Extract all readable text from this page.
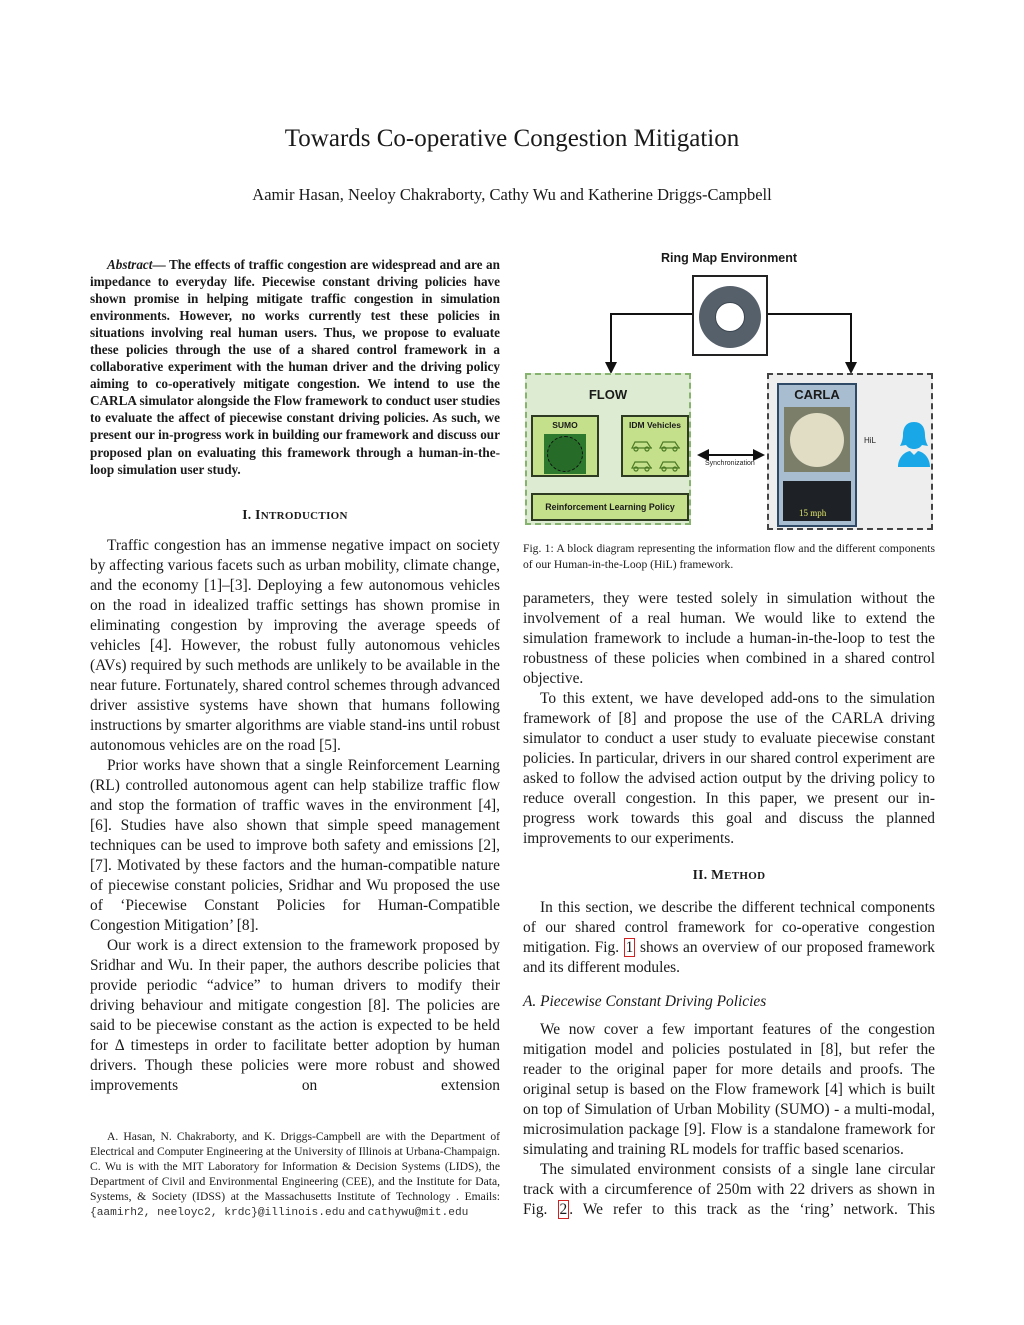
Towards Co-operative Congestion Mitigation
Aamir Hasan, Neeloy Chakraborty, Cathy Wu and Katherine Driggs-Campbell

Abstract— The effects of traffic congestion are widespread and are an impedance to everyday life. Piecewise constant driving policies have shown promise in helping mitigate traffic congestion in simulation environments. However, no works currently test these policies in situations involving real human users. Thus, we propose to evaluate these policies through the use of a shared control framework in a collaborative experiment with the human driver and the driving policy aiming to co-operatively mitigate congestion. We intend to use the CARLA simulator alongside the Flow framework to conduct user studies to evaluate the affect of piecewise constant driving policies. As such, we present our in-progress work in building our framework and discuss our proposed plan on evaluating this framework through a human-in-the-loop simulation user study.

I. INTRODUCTION

Traffic congestion has an immense negative impact on society by affecting various facets such as urban mobility, climate change, and the economy [1]–[3]. Deploying a few autonomous vehicles on the road in idealized traffic settings has shown promise in eliminating congestion by improving the average speeds of vehicles [4]. However, the robust fully autonomous vehicles (AVs) required by such methods are unlikely to be available in the near future. Fortunately, shared control schemes through advanced driver assistive systems have shown that humans following instructions by smarter algorithms are viable stand-ins until robust autonomous vehicles are on the road [5].

Prior works have shown that a single Reinforcement Learning (RL) controlled autonomous agent can help stabilize traffic flow and stop the formation of traffic waves in the environment [4], [6]. Studies have also shown that simple speed management techniques can be used to improve both safety and emissions [2], [7]. Motivated by these factors and the human-compatible nature of piecewise constant policies, Sridhar and Wu proposed the use of ‘Piecewise Constant Policies for Human-Compatible Congestion Mitigation’ [8].

Our work is a direct extension to the framework proposed by Sridhar and Wu. In their paper, the authors describe policies that provide periodic “advice” to human drivers to modify their driving behaviour and mitigate congestion [8]. The policies are said to be piecewise constant as the action is expected to be held for Δ timesteps in order to facilitate better adoption by human drivers. Though these policies were more robust and showed improvements on extension

A. Hasan, N. Chakraborty, and K. Driggs-Campbell are with the Department of Electrical and Computer Engineering at the University of Illinois at Urbana-Champaign. C. Wu is with the MIT Laboratory for Information & Decision Systems (LIDS), the Department of Civil and Environmental Engineering (CEE), and the Institute for Data, Systems, & Society (IDSS) at the Massachusetts Institute of Technology . Emails: {aamirh2, neeloyc2, krdc}@illinois.edu and cathywu@mit.edu

Ring Map Environment
FLOW
SUMO	IDM Vehicles
Reinforcement Learning Policy
Synchronization
CARLA
15 mph
HiL
Fig. 1: A block diagram representing the information flow and the different components of our Human-in-the-Loop (HiL) framework.

parameters, they were tested solely in simulation without the involvement of a real human. We would like to extend the simulation framework to include a human-in-the-loop to test the robustness of these policies when combined in a shared control objective.

To this extent, we have developed add-ons to the simulation framework of [8] and propose the use of the CARLA driving simulator to conduct a user study to evaluate piecewise constant policies. In particular, drivers in our shared control experiment are asked to follow the advised action output by the driving policy to reduce overall congestion. In this paper, we present our in-progress work towards this goal and discuss the planned improvements to our experiments.

II. METHOD

In this section, we describe the different technical components of our shared control framework for co-operative congestion mitigation. Fig. 1 shows an overview of our proposed framework and its different modules.

A. Piecewise Constant Driving Policies

We now cover a few important features of the congestion mitigation model and policies postulated in [8], but refer the reader to the original paper for more details and proofs. The original setup is based on the Flow framework [4] which is built on top of Simulation of Urban Mobility (SUMO) - a multi-modal, microsimulation package [9]. Flow is a standalone framework for simulating and training RL models for traffic based scenarios.

The simulated environment consists of a single lane circular track with a circumference of 250m with 22 drivers as shown in Fig. 2 . We refer to this track as the ‘ring’ network. This
